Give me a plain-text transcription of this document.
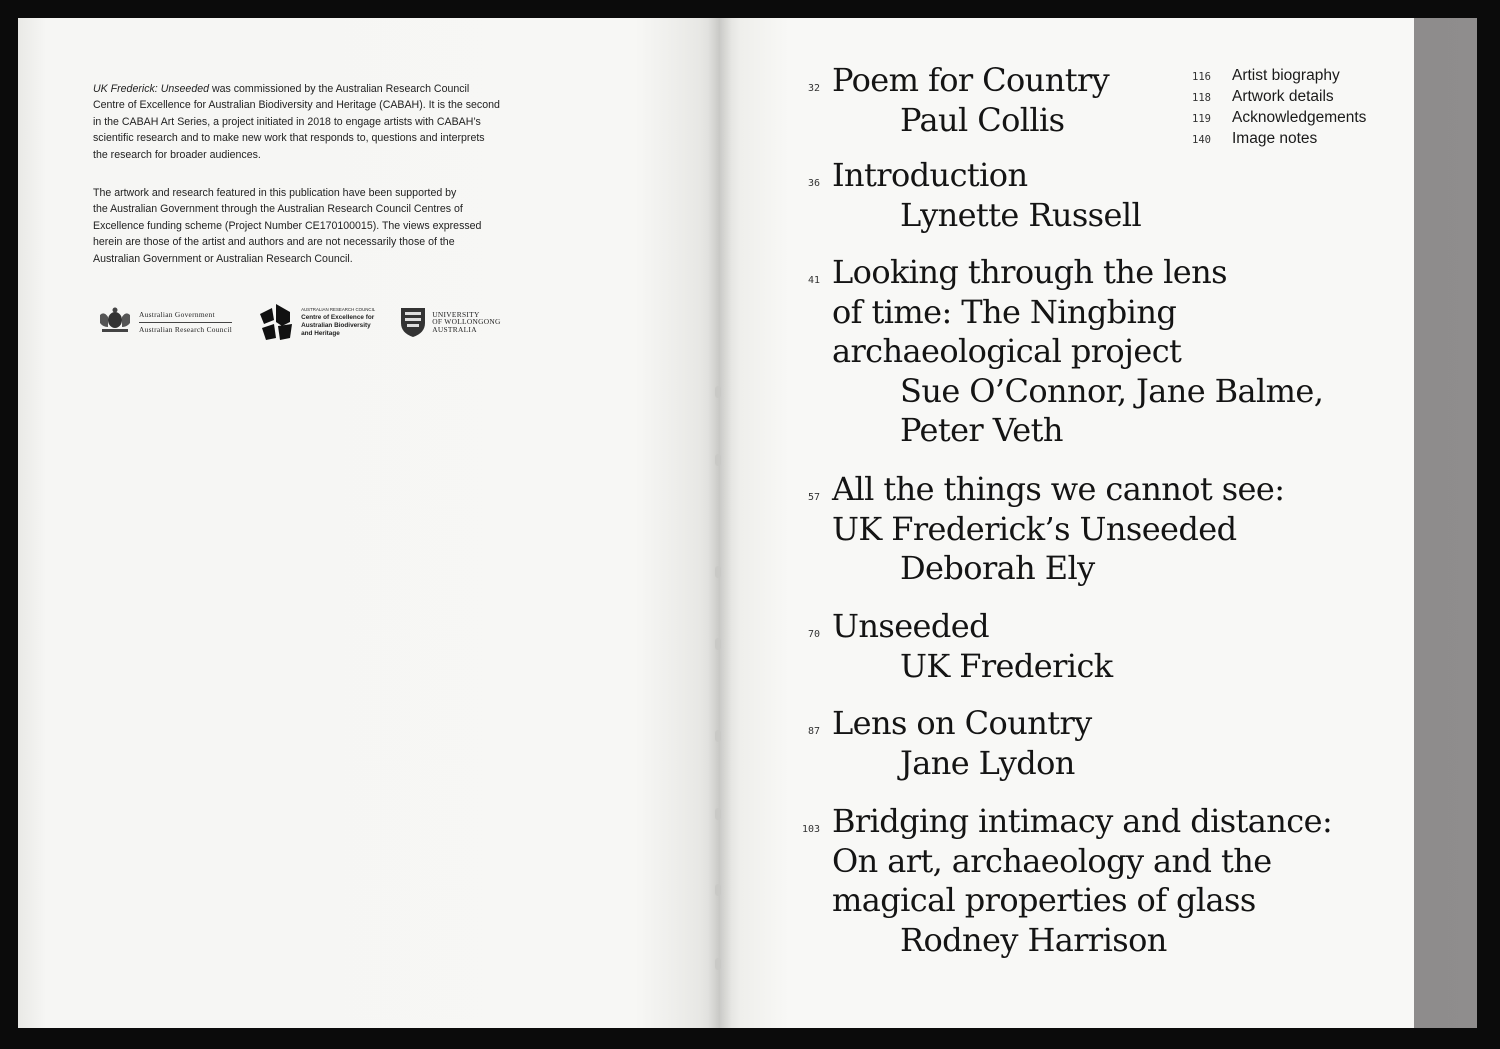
UK Frederick: Unseeded was commissioned by the Australian Research Council

Centre of Excellence for Australian Biodiversity and Heritage (CABAH). It is the second

in the CABAH Art Series, a project initiated in 2018 to engage artists with CABAH’s

scientific research and to make new work that responds to, questions and interprets

the research for broader audiences.

The artwork and research featured in this publication have been supported by

the Australian Government through the Australian Research Council Centres of

Excellence funding scheme (Project Number CE170100015). The views expressed

herein are those of the artist and authors and are not necessarily those of the

Australian Government or Australian Research Council.

Australian Government
Australian Research Council
AUSTRALIAN RESEARCH COUNCIL
Centre of Excellence for
Australian Biodiversity
and Heritage
UNIVERSITY
OF WOLLONGONG
AUSTRALIA
32 Poem for Country
Paul Collis
36 Introduction
Lynette Russell
41 Looking through the lens
of time: The Ningbing
archaeological project
Sue O’Connor, Jane Balme,
Peter Veth
57 All the things we cannot see:
UK Frederick’s Unseeded
Deborah Ely
70 Unseeded
UK Frederick
87 Lens on Country
Jane Lydon
103 Bridging intimacy and distance:
On art, archaeology and the
magical properties of glass
Rodney Harrison
116	Artist biography
118	Artwork details
119	Acknowledgements
140	Image notes
